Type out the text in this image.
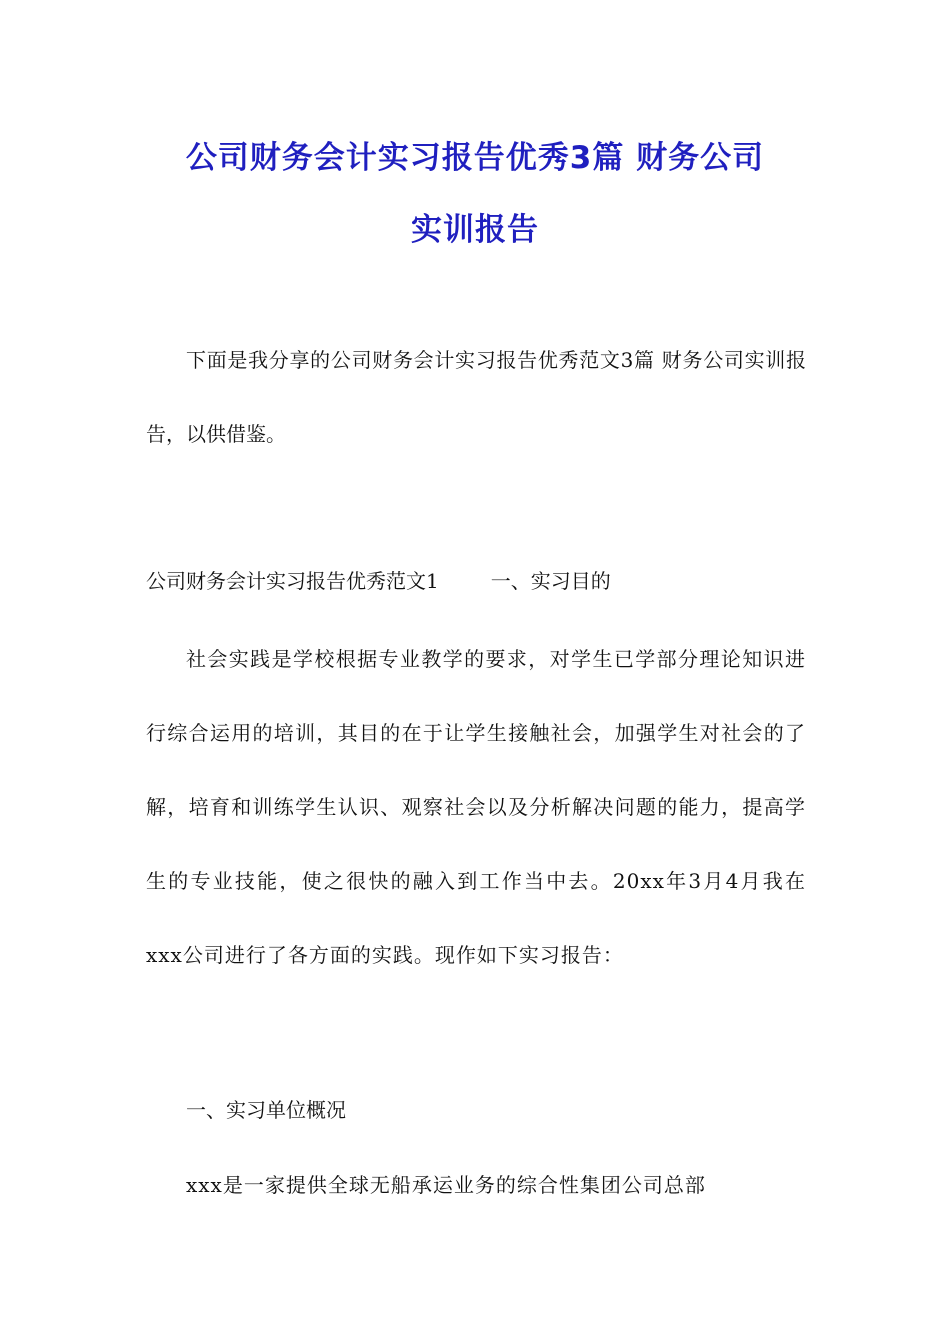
公司财务会计实习报告优秀3篇 财务公司
实训报告

下面是我分享的公司财务会计实习报告优秀范文3篇 财务公司实训报告，以供借鉴。

公司财务会计实习报告优秀范文1	一、实习目的

社会实践是学校根据专业教学的要求，对学生已学部分理论知识进行综合运用的培训，其目的在于让学生接触社会，加强学生对社会的了解，培育和训练学生认识、观察社会以及分析解决问题的能力，提高学生的专业技能，使之很快的融入到工作当中去。20xx年3月4月我在xxx公司进行了各方面的实践。现作如下实习报告：

一、实习单位概况

xxx是一家提供全球无船承运业务的综合性集团公司总部
